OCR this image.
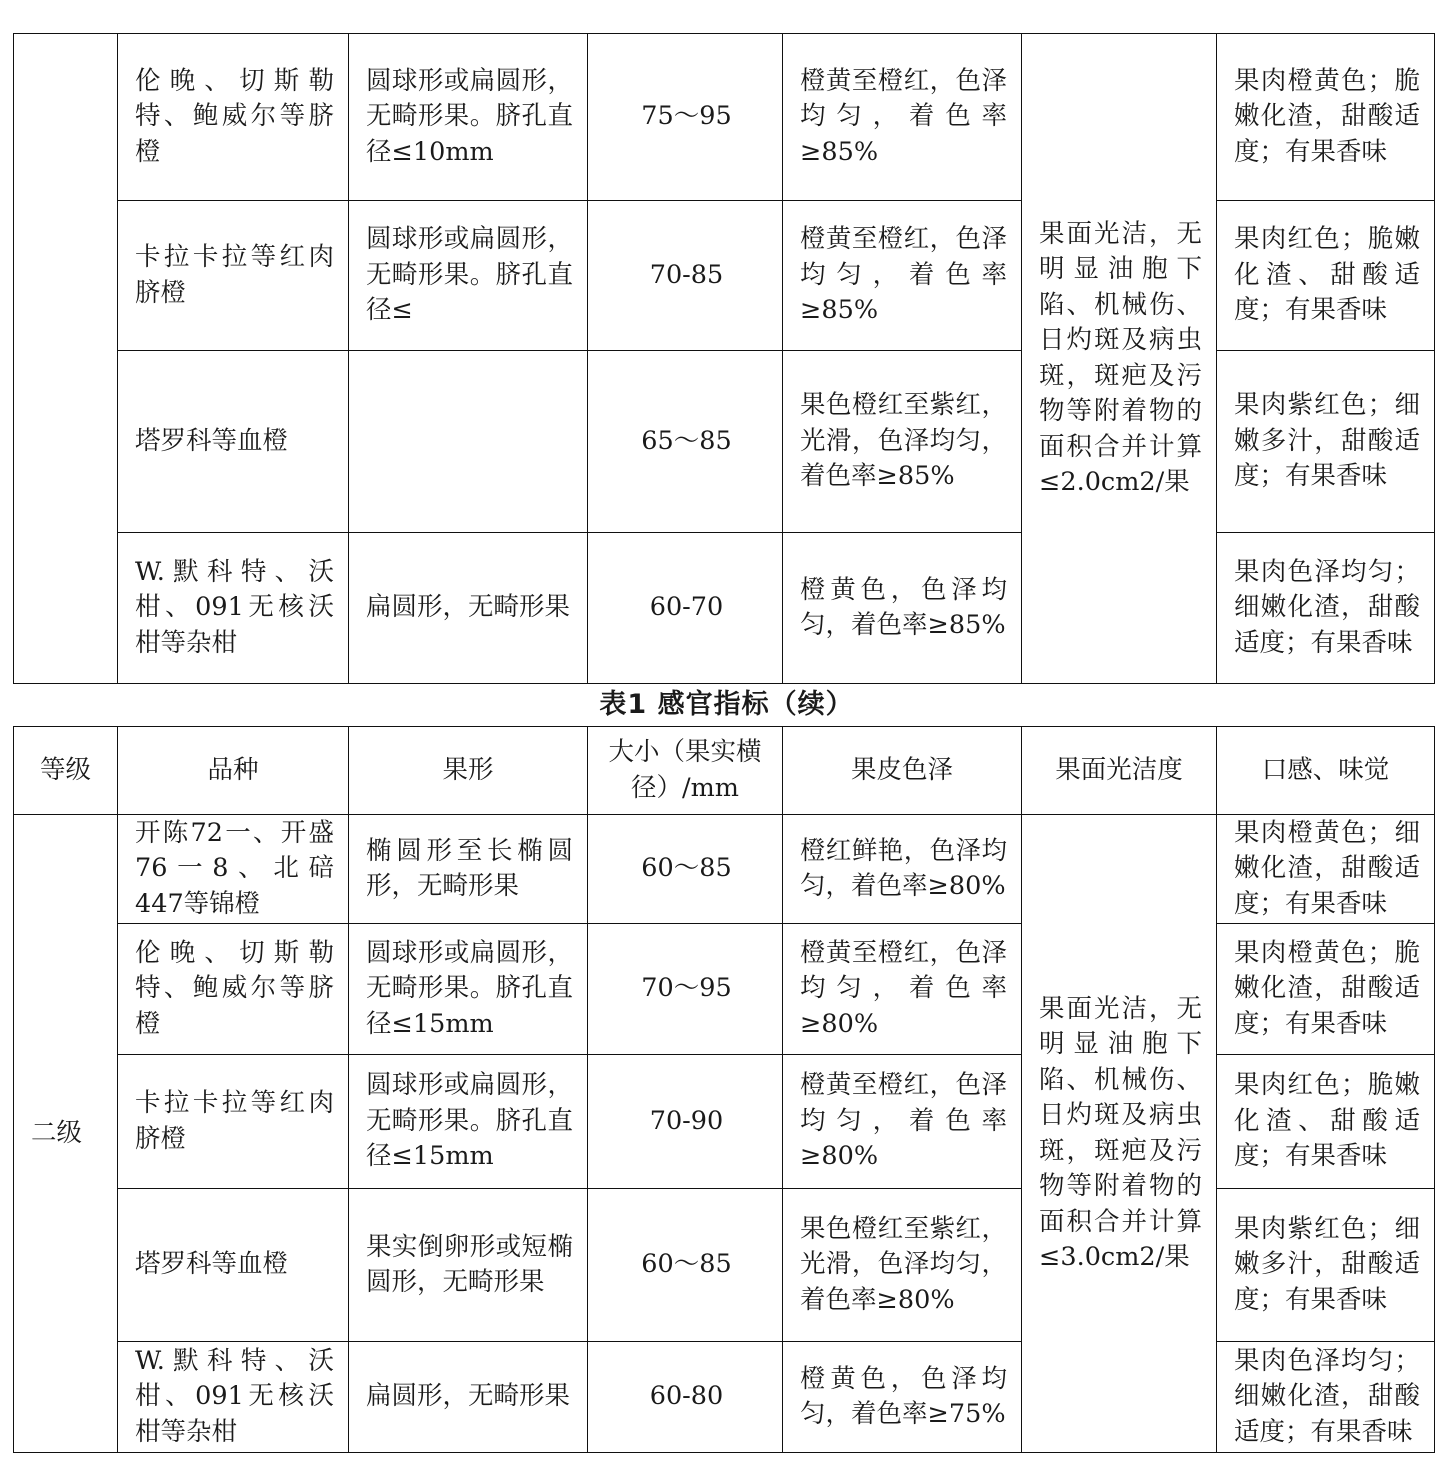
	伦晚、切斯勒特、鲍威尔等脐橙	圆球形或扁圆形，无畸形果。脐孔直径≤10mm	75～95	橙黄至橙红，色泽均匀，着色率≥85%	果面光洁，无明显油胞下陷、机械伤、日灼斑及病虫斑，斑疤及污物等附着物的面积合并计算≤2.0cm2/果	果肉橙黄色；脆嫩化渣，甜酸适度；有果香味
	卡拉卡拉等红肉脐橙	圆球形或扁圆形，无畸形果。脐孔直径≤	70-85	橙黄至橙红，色泽均匀，着色率≥85%		果肉红色；脆嫩化渣、甜酸适度；有果香味
	塔罗科等血橙		65～85	果色橙红至紫红，光滑，色泽均匀，着色率≥85%		果肉紫红色；细嫩多汁，甜酸适度；有果香味
	W.默科特、沃柑、091无核沃柑等杂柑	扁圆形，无畸形果	60-70	橙黄色，色泽均匀，着色率≥85%		果肉色泽均匀；细嫩化渣，甜酸适度；有果香味
表1 感官指标（续）
等级	品种	果形	大小（果实横径）/mm	果皮色泽	果面光洁度	口感、味觉
二级	开陈72一、开盛76一8、北碚447等锦橙	椭圆形至长椭圆形，无畸形果	60～85	橙红鲜艳，色泽均匀，着色率≥80%	果面光洁，无明显油胞下陷、机械伤、日灼斑及病虫斑，斑疤及污物等附着物的面积合并计算≤3.0cm2/果	果肉橙黄色；细嫩化渣，甜酸适度；有果香味
	伦晚、切斯勒特、鲍威尔等脐橙	圆球形或扁圆形，无畸形果。脐孔直径≤15mm	70～95	橙黄至橙红，色泽均匀，着色率≥80%		果肉橙黄色；脆嫩化渣，甜酸适度；有果香味
	卡拉卡拉等红肉脐橙	圆球形或扁圆形，无畸形果。脐孔直径≤15mm	70-90	橙黄至橙红，色泽均匀，着色率≥80%		果肉红色；脆嫩化渣、甜酸适度；有果香味
	塔罗科等血橙	果实倒卵形或短椭圆形，无畸形果	60～85	果色橙红至紫红，光滑，色泽均匀，着色率≥80%		果肉紫红色；细嫩多汁，甜酸适度；有果香味
	W.默科特、沃柑、091无核沃柑等杂柑	扁圆形，无畸形果	60-80	橙黄色，色泽均匀，着色率≥75%		果肉色泽均匀；细嫩化渣，甜酸适度；有果香味
